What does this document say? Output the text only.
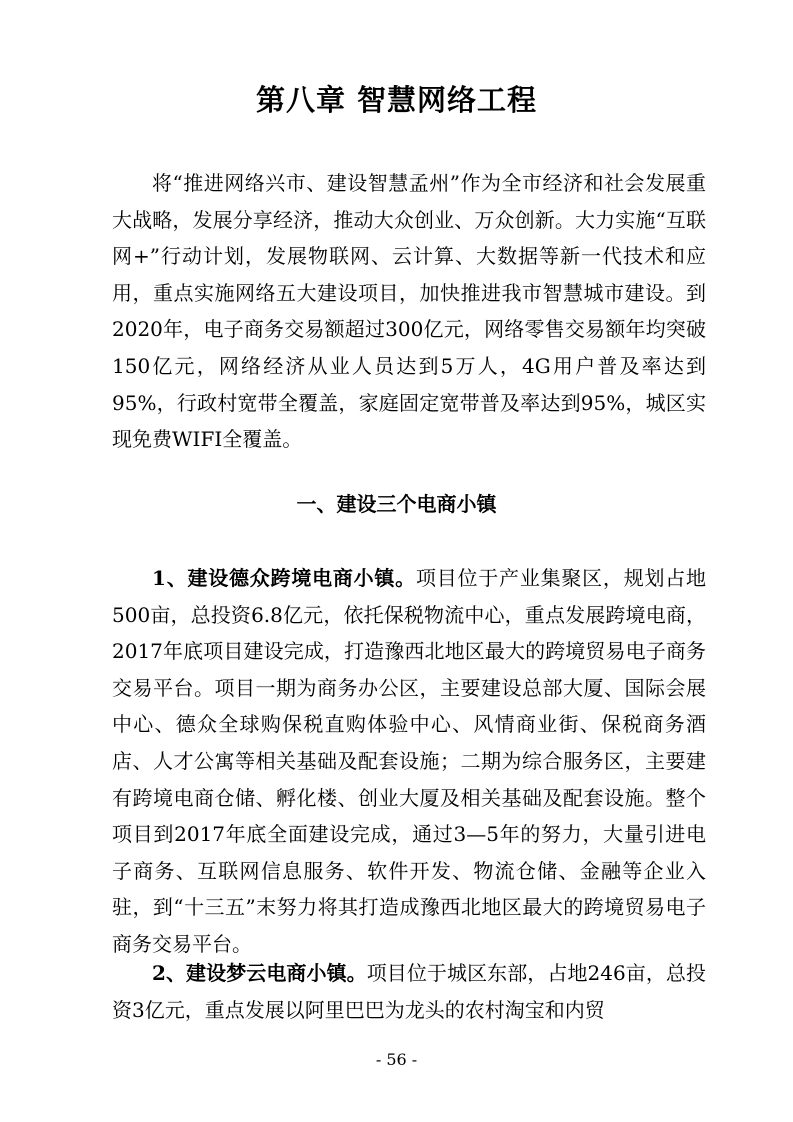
第八章 智慧网络工程

将“推进网络兴市、建设智慧孟州”作为全市经济和社会发展重大战略，发展分享经济，推动大众创业、万众创新。大力实施“互联网+”行动计划，发展物联网、云计算、大数据等新一代技术和应用，重点实施网络五大建设项目，加快推进我市智慧城市建设。到2020年，电子商务交易额超过300亿元，网络零售交易额年均突破150亿元，网络经济从业人员达到5万人，4G用户普及率达到95%，行政村宽带全覆盖，家庭固定宽带普及率达到95%，城区实现免费WIFI全覆盖。

一、建设三个电商小镇

1、建设德众跨境电商小镇。项目位于产业集聚区，规划占地500亩，总投资6.8亿元，依托保税物流中心，重点发展跨境电商，2017年底项目建设完成，打造豫西北地区最大的跨境贸易电子商务交易平台。项目一期为商务办公区，主要建设总部大厦、国际会展中心、德众全球购保税直购体验中心、风情商业街、保税商务酒店、人才公寓等相关基础及配套设施；二期为综合服务区，主要建有跨境电商仓储、孵化楼、创业大厦及相关基础及配套设施。整个项目到2017年底全面建设完成，通过3—5年的努力，大量引进电子商务、互联网信息服务、软件开发、物流仓储、金融等企业入驻，到“十三五”末努力将其打造成豫西北地区最大的跨境贸易电子商务交易平台。

2、建设梦云电商小镇。项目位于城区东部，占地246亩，总投资3亿元，重点发展以阿里巴巴为龙头的农村淘宝和内贸

- 56 -
